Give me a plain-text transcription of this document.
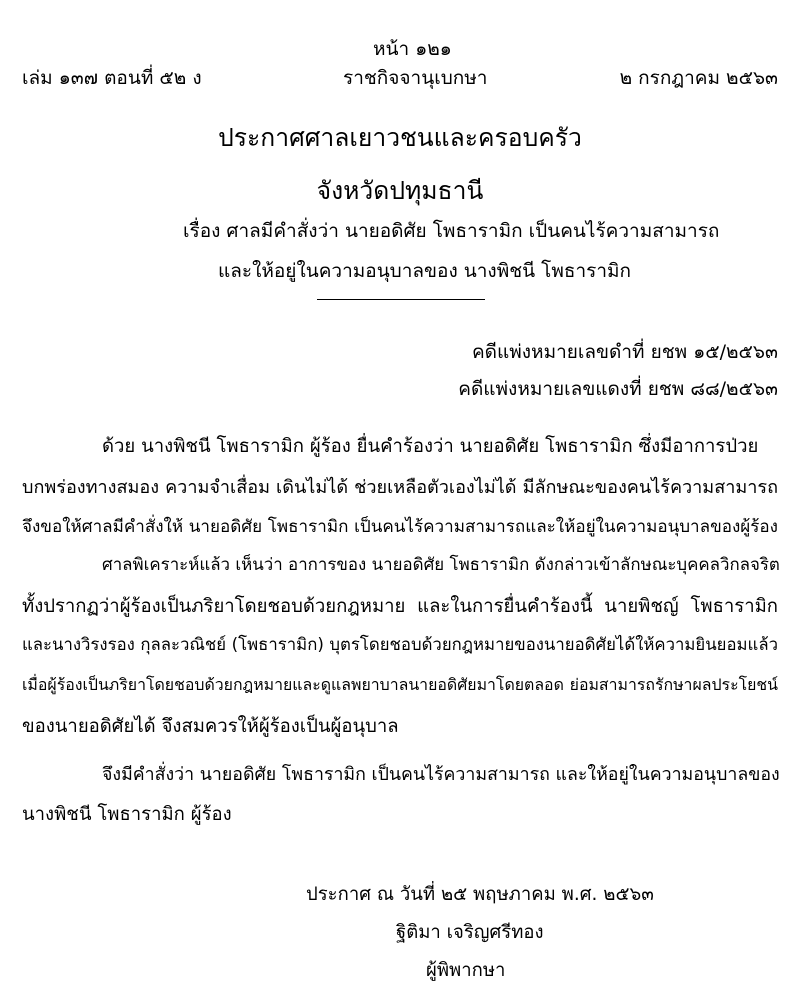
หน้า ๑๒๑
เล่ม ๑๓๗ ตอนที่ ๕๒ ง	ราชกิจจานุเบกษา	๒ กรกฎาคม ๒๕๖๓
ประกาศศาลเยาวชนและครอบครัว
จังหวัดปทุมธานี
เรื่อง ศาลมีคำสั่งว่า นายอดิศัย โพธารามิก เป็นคนไร้ความสามารถ
และให้อยู่ในความอนุบาลของ นางพิชนี โพธารามิก
คดีแพ่งหมายเลขดำที่ ยชพ ๑๕/๒๕๖๓
คดีแพ่งหมายเลขแดงที่ ยชพ ๘๘/๒๕๖๓
ด้วย นางพิชนี โพธารามิก ผู้ร้อง ยื่นคำร้องว่า นายอดิศัย โพธารามิก ซึ่งมีอาการป่วย
บกพร่องทางสมอง ความจำเสื่อม เดินไม่ได้ ช่วยเหลือตัวเองไม่ได้ มีลักษณะของคนไร้ความสามารถ
จึงขอให้ศาลมีคำสั่งให้ นายอดิศัย โพธารามิก เป็นคนไร้ความสามารถและให้อยู่ในความอนุบาลของผู้ร้อง
ศาลพิเคราะห์แล้ว เห็นว่า อาการของ นายอดิศัย โพธารามิก ดังกล่าวเข้าลักษณะบุคคลวิกลจริต
ทั้งปรากฏว่าผู้ร้องเป็นภริยาโดยชอบด้วยกฎหมาย และในการยื่นคำร้องนี้ นายพิชญ์ โพธารามิก
และนางวิรงรอง กุลละวณิชย์ (โพธารามิก) บุตรโดยชอบด้วยกฎหมายของนายอดิศัยได้ให้ความยินยอมแล้ว
เมื่อผู้ร้องเป็นภริยาโดยชอบด้วยกฎหมายและดูแลพยาบาลนายอดิศัยมาโดยตลอด ย่อมสามารถรักษาผลประโยชน์
ของนายอดิศัยได้ จึงสมควรให้ผู้ร้องเป็นผู้อนุบาล
จึงมีคำสั่งว่า นายอดิศัย โพธารามิก เป็นคนไร้ความสามารถ และให้อยู่ในความอนุบาลของ
นางพิชนี โพธารามิก ผู้ร้อง
ประกาศ ณ วันที่ ๒๕ พฤษภาคม พ.ศ. ๒๕๖๓
ฐิติมา เจริญศรีทอง
ผู้พิพากษา
